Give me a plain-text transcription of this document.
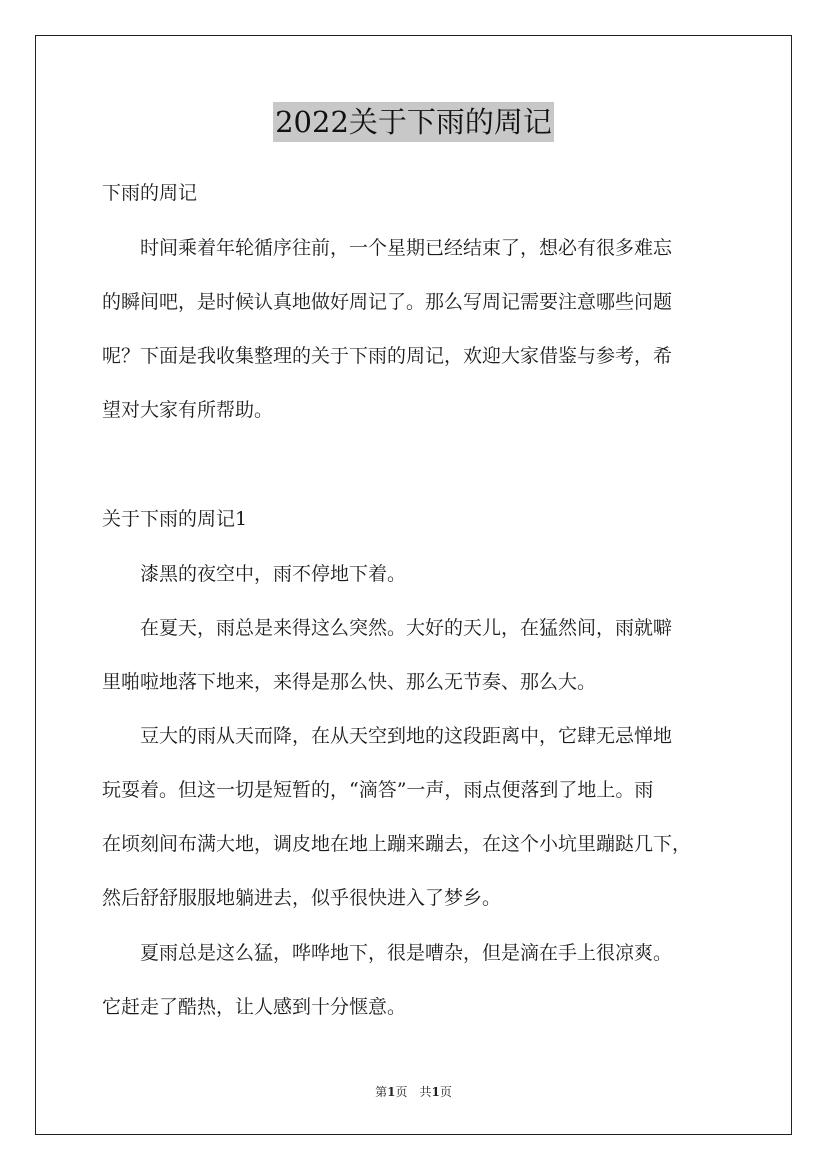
2022关于下雨的周记
下雨的周记
　　时间乘着年轮循序往前，一个星期已经结束了，想必有很多难忘
的瞬间吧，是时候认真地做好周记了。那么写周记需要注意哪些问题
呢？下面是我收集整理的关于下雨的周记，欢迎大家借鉴与参考，希
望对大家有所帮助。
关于下雨的周记1
　　漆黑的夜空中，雨不停地下着。
　　在夏天，雨总是来得这么突然。大好的天儿，在猛然间，雨就噼
里啪啦地落下地来，来得是那么快、那么无节奏、那么大。
　　豆大的雨从天而降，在从天空到地的这段距离中，它肆无忌惮地
玩耍着。但这一切是短暂的，“滴答”一声，雨点便落到了地上。雨
在顷刻间布满大地，调皮地在地上蹦来蹦去，在这个小坑里蹦跶几下，
然后舒舒服服地躺进去，似乎很快进入了梦乡。
　　夏雨总是这么猛，哗哗地下，很是嘈杂，但是滴在手上很凉爽。
它赶走了酷热，让人感到十分惬意。
第1页　共1页
